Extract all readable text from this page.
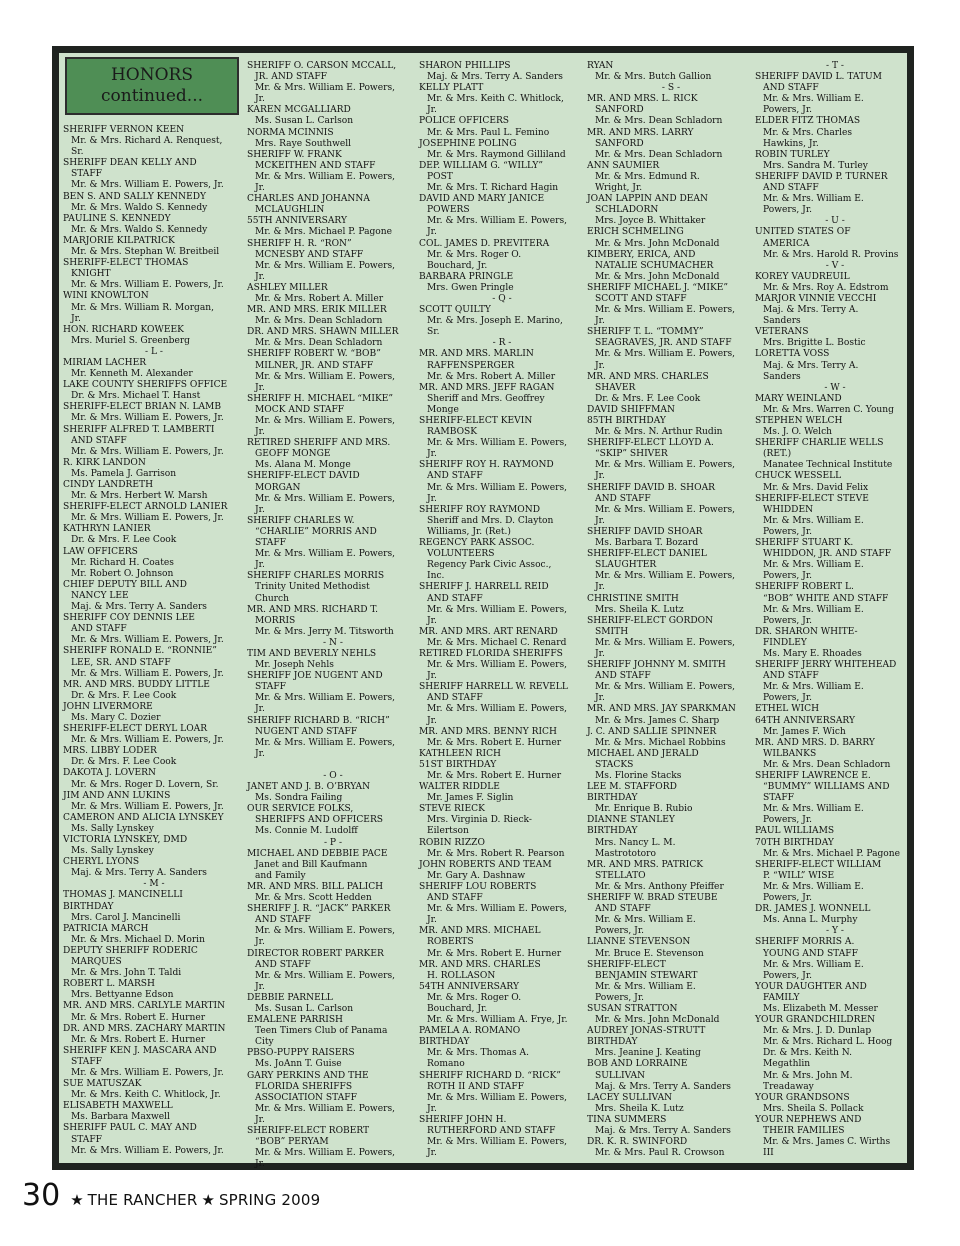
HONORS
continued...
SHERIFF VERNON KEEN
Mr. & Mrs. Richard A. Renquest,
Sr.
SHERIFF DEAN KELLY AND
STAFF
Mr. & Mrs. William E. Powers, Jr.
BEN S. AND SALLY KENNEDY
Mr. & Mrs. Waldo S. Kennedy
PAULINE S. KENNEDY
Mr. & Mrs. Waldo S. Kennedy
MARJORIE KILPATRICK
Mr. & Mrs. Stephan W. Breitbeil
SHERIFF-ELECT THOMAS
KNIGHT
Mr. & Mrs. William E. Powers, Jr.
WINI KNOWLTON
Mr. & Mrs. William R. Morgan,
Jr.
HON. RICHARD KOWEEK
Mrs. Muriel S. Greenberg
- L -
MIRIAM LACHER
Mr. Kenneth M. Alexander
LAKE COUNTY SHERIFFS OFFICE
Dr. & Mrs. Michael T. Hanst
SHERIFF-ELECT BRIAN N. LAMB
Mr. & Mrs. William E. Powers, Jr.
SHERIFF ALFRED T. LAMBERTI
AND STAFF
Mr. & Mrs. William E. Powers, Jr.
R. KIRK LANDON
Ms. Pamela J. Garrison
CINDY LANDRETH
Mr. & Mrs. Herbert W. Marsh
SHERIFF-ELECT ARNOLD LANIER
Mr. & Mrs. William E. Powers, Jr.
KATHRYN LANIER
Dr. & Mrs. F. Lee Cook
LAW OFFICERS
Mr. Richard H. Coates
Mr. Robert O. Johnson
CHIEF DEPUTY BILL AND
NANCY LEE
Maj. & Mrs. Terry A. Sanders
SHERIFF COY DENNIS LEE
AND STAFF
Mr. & Mrs. William E. Powers, Jr.
SHERIFF RONALD E. “RONNIE”
LEE, SR. AND STAFF
Mr. & Mrs. William E. Powers, Jr.
MR. AND MRS. BUDDY LITTLE
Dr. & Mrs. F. Lee Cook
JOHN LIVERMORE
Ms. Mary C. Dozier
SHERIFF-ELECT DERYL LOAR
Mr. & Mrs. William E. Powers, Jr.
MRS. LIBBY LODER
Dr. & Mrs. F. Lee Cook
DAKOTA J. LOVERN
Mr. & Mrs. Roger D. Lovern, Sr.
JIM AND ANN LUKINS
Mr. & Mrs. William E. Powers, Jr.
CAMERON AND ALICIA LYNSKEY
Ms. Sally Lynskey
VICTORIA LYNSKEY, DMD
Ms. Sally Lynskey
CHERYL LYONS
Maj. & Mrs. Terry A. Sanders
- M -
THOMAS J. MANCINELLI
BIRTHDAY
Mrs. Carol J. Mancinelli
PATRICIA MARCH
Mr. & Mrs. Michael D. Morin
DEPUTY SHERIFF RODERIC
MARQUES
Mr. & Mrs. John T. Taldi
ROBERT L. MARSH
Mrs. Bettyanne Edson
MR. AND MRS. CARLYLE MARTIN
Mr. & Mrs. Robert E. Hurner
DR. AND MRS. ZACHARY MARTIN
Mr. & Mrs. Robert E. Hurner
SHERIFF KEN J. MASCARA AND
STAFF
Mr. & Mrs. William E. Powers, Jr.
SUE MATUSZAK
Mr. & Mrs. Keith C. Whitlock, Jr.
ELISABETH MAXWELL
Ms. Barbara Maxwell
SHERIFF PAUL C. MAY AND
STAFF
Mr. & Mrs. William E. Powers, Jr.
SHERIFF O. CARSON MCCALL,
JR. AND STAFF
Mr. & Mrs. William E. Powers,
Jr.
KAREN MCGALLIARD
Ms. Susan L. Carlson
NORMA MCINNIS
Mrs. Raye Southwell
SHERIFF W. FRANK
MCKEITHEN AND STAFF
Mr. & Mrs. William E. Powers,
Jr.
CHARLES AND JOHANNA
MCLAUGHLIN
55TH ANNIVERSARY
Mr. & Mrs. Michael P. Pagone
SHERIFF H. R. “RON”
MCNESBY AND STAFF
Mr. & Mrs. William E. Powers,
Jr.
ASHLEY MILLER
Mr. & Mrs. Robert A. Miller
MR. AND MRS. ERIK MILLER
Mr. & Mrs. Dean Schladorn
DR. AND MRS. SHAWN MILLER
Mr. & Mrs. Dean Schladorn
SHERIFF ROBERT W. “BOB”
MILNER, JR. AND STAFF
Mr. & Mrs. William E. Powers,
Jr.
SHERIFF H. MICHAEL “MIKE”
MOCK AND STAFF
Mr. & Mrs. William E. Powers,
Jr.
RETIRED SHERIFF AND MRS.
GEOFF MONGE
Ms. Alana M. Monge
SHERIFF-ELECT DAVID
MORGAN
Mr. & Mrs. William E. Powers,
Jr.
SHERIFF CHARLES W.
“CHARLIE” MORRIS AND
STAFF
Mr. & Mrs. William E. Powers,
Jr.
SHERIFF CHARLES MORRIS
Trinity United Methodist
Church
MR. AND MRS. RICHARD T.
MORRIS
Mr. & Mrs. Jerry M. Titsworth
- N -
TIM AND BEVERLY NEHLS
Mr. Joseph Nehls
SHERIFF JOE NUGENT AND
STAFF
Mr. & Mrs. William E. Powers,
Jr.
SHERIFF RICHARD B. “RICH”
NUGENT AND STAFF
Mr. & Mrs. William E. Powers,
Jr.

- O -
JANET AND J. B. O’BRYAN
Ms. Sondra Failing
OUR SERVICE FOLKS,
SHERIFFS AND OFFICERS
Ms. Connie M. Ludolff
- P -
MICHAEL AND DEBBIE PACE
Janet and Bill Kaufmann
and Family
MR. AND MRS. BILL PALICH
Mr. & Mrs. Scott Hedden
SHERIFF J. R. “JACK” PARKER
AND STAFF
Mr. & Mrs. William E. Powers,
Jr.
DIRECTOR ROBERT PARKER
AND STAFF
Mr. & Mrs. William E. Powers,
Jr.
DEBBIE PARNELL
Ms. Susan L. Carlson
EMALENE PARRISH
Teen Timers Club of Panama
City
PBSO-PUPPY RAISERS
Ms. JoAnn T. Guise
GARY PERKINS AND THE
FLORIDA SHERIFFS
ASSOCIATION STAFF
Mr. & Mrs. William E. Powers,
Jr.
SHERIFF-ELECT ROBERT
“BOB” PERYAM
Mr. & Mrs. William E. Powers,
Jr.
SHARON PHILLIPS
Maj. & Mrs. Terry A. Sanders
KELLY PLATT
Mr. & Mrs. Keith C. Whitlock,
Jr.
POLICE OFFICERS
Mr. & Mrs. Paul L. Femino
JOSEPHINE POLING
Mr. & Mrs. Raymond Gilliland
DEP. WILLIAM G. “WILLY”
POST
Mr. & Mrs. T. Richard Hagin
DAVID AND MARY JANICE
POWERS
Mr. & Mrs. William E. Powers,
Jr.
COL. JAMES D. PREVITERA
Mr. & Mrs. Roger O.
Bouchard, Jr.
BARBARA PRINGLE
Mrs. Gwen Pringle
- Q -
SCOTT QUILTY
Mr. & Mrs. Joseph E. Marino,
Sr.
- R -
MR. AND MRS. MARLIN
RAFFENSPERGER
Mr. & Mrs. Robert A. Miller
MR. AND MRS. JEFF RAGAN
Sheriff and Mrs. Geoffrey
Monge
SHERIFF-ELECT KEVIN
RAMBOSK
Mr. & Mrs. William E. Powers,
Jr.
SHERIFF ROY H. RAYMOND
AND STAFF
Mr. & Mrs. William E. Powers,
Jr.
SHERIFF ROY RAYMOND
Sheriff and Mrs. D. Clayton
Williams, Jr. (Ret.)
REGENCY PARK ASSOC.
VOLUNTEERS
Regency Park Civic Assoc.,
Inc.
SHERIFF J. HARRELL REID
AND STAFF
Mr. & Mrs. William E. Powers,
Jr.
MR. AND MRS. ART RENARD
Mr. & Mrs. Michael C. Renard
RETIRED FLORIDA SHERIFFS
Mr. & Mrs. William E. Powers,
Jr.
SHERIFF HARRELL W. REVELL
AND STAFF
Mr. & Mrs. William E. Powers,
Jr.
MR. AND MRS. BENNY RICH
Mr. & Mrs. Robert E. Hurner
KATHLEEN RICH
51ST BIRTHDAY
Mr. & Mrs. Robert E. Hurner
WALTER RIDDLE
Mr. James F. Siglin
STEVE RIECK
Mrs. Virginia D. Rieck-
Eilertson
ROBIN RIZZO
Mr. & Mrs. Robert R. Pearson
JOHN ROBERTS AND TEAM
Mr. Gary A. Dashnaw
SHERIFF LOU ROBERTS
AND STAFF
Mr. & Mrs. William E. Powers,
Jr.
MR. AND MRS. MICHAEL
ROBERTS
Mr. & Mrs. Robert E. Hurner
MR. AND MRS. CHARLES
H. ROLLASON
54TH ANNIVERSARY
Mr. & Mrs. Roger O.
Bouchard, Jr.
Mr. & Mrs. William A. Frye, Jr.
PAMELA A. ROMANO
BIRTHDAY
Mr. & Mrs. Thomas A.
Romano
SHERIFF RICHARD D. “RICK”
ROTH II AND STAFF
Mr. & Mrs. William E. Powers,
Jr.
SHERIFF JOHN H.
RUTHERFORD AND STAFF
Mr. & Mrs. William E. Powers,
Jr.
RYAN
Mr. & Mrs. Butch Gallion
- S -
MR. AND MRS. L. RICK
SANFORD
Mr. & Mrs. Dean Schladorn
MR. AND MRS. LARRY
SANFORD
Mr. & Mrs. Dean Schladorn
ANN SAUMIER
Mr. & Mrs. Edmund R.
Wright, Jr.
JOAN LAPPIN AND DEAN
SCHLADORN
Mrs. Joyce B. Whittaker
ERICH SCHMELING
Mr. & Mrs. John McDonald
KIMBERY, ERICA, AND
NATALIE SCHUMACHER
Mr. & Mrs. John McDonald
SHERIFF MICHAEL J. “MIKE”
SCOTT AND STAFF
Mr. & Mrs. William E. Powers,
Jr.
SHERIFF T. L. “TOMMY”
SEAGRAVES, JR. AND STAFF
Mr. & Mrs. William E. Powers,
Jr.
MR. AND MRS. CHARLES
SHAVER
Dr. & Mrs. F. Lee Cook
DAVID SHIFFMAN
85TH BIRTHDAY
Mr. & Mrs. N. Arthur Rudin
SHERIFF-ELECT LLOYD A.
“SKIP” SHIVER
Mr. & Mrs. William E. Powers,
Jr.
SHERIFF DAVID B. SHOAR
AND STAFF
Mr. & Mrs. William E. Powers,
Jr.
SHERIFF DAVID SHOAR
Ms. Barbara T. Bozard
SHERIFF-ELECT DANIEL
SLAUGHTER
Mr. & Mrs. William E. Powers,
Jr.
CHRISTINE SMITH
Mrs. Sheila K. Lutz
SHERIFF-ELECT GORDON
SMITH
Mr. & Mrs. William E. Powers,
Jr.
SHERIFF JOHNNY M. SMITH
AND STAFF
Mr. & Mrs. William E. Powers,
Jr.
MR. AND MRS. JAY SPARKMAN
Mr. & Mrs. James C. Sharp
J. C. AND SALLIE SPINNER
Mr. & Mrs. Michael Robbins
MICHAEL AND JERALD
STACKS
Ms. Florine Stacks
LEE M. STAFFORD
BIRTHDAY
Mr. Enrique B. Rubio
DIANNE STANLEY
BIRTHDAY
Mrs. Nancy L. M.
Mastrototoro
MR. AND MRS. PATRICK
STELLATO
Mr. & Mrs. Anthony Pfeiffer
SHERIFF W. BRAD STEUBE
AND STAFF
Mr. & Mrs. William E.
Powers, Jr.
LIANNE STEVENSON
Mr. Bruce E. Stevenson
SHERIFF-ELECT
BENJAMIN STEWART
Mr. & Mrs. William E.
Powers, Jr.
SUSAN STRATTON
Mr. & Mrs. John McDonald
AUDREY JONAS-STRUTT
BIRTHDAY
Mrs. Jeanine J. Keating
BOB AND LORRAINE
SULLIVAN
Maj. & Mrs. Terry A. Sanders
LACEY SULLIVAN
Mrs. Sheila K. Lutz
TINA SUMMERS
Maj. & Mrs. Terry A. Sanders
DR. K. R. SWINFORD
Mr. & Mrs. Paul R. Crowson
- T -
SHERIFF DAVID L. TATUM
AND STAFF
Mr. & Mrs. William E.
Powers, Jr.
ELDER FITZ THOMAS
Mr. & Mrs. Charles
Hawkins, Jr.
ROBIN TURLEY
Mrs. Sandra M. Turley
SHERIFF DAVID P. TURNER
AND STAFF
Mr. & Mrs. William E.
Powers, Jr.
- U -
UNITED STATES OF
AMERICA
Mr. & Mrs. Harold R. Provins
- V -
KOREY VAUDREUIL
Mr. & Mrs. Roy A. Edstrom
MARJOR VINNIE VECCHI
Maj. & Mrs. Terry A.
Sanders
VETERANS
Mrs. Brigitte L. Bostic
LORETTA VOSS
Maj. & Mrs. Terry A.
Sanders
- W -
MARY WEINLAND
Mr. & Mrs. Warren C. Young
STEPHEN WELCH
Ms. J. O. Welch
SHERIFF CHARLIE WELLS
(RET.)
Manatee Technical Institute
CHUCK WESSELL
Mr. & Mrs. David Felix
SHERIFF-ELECT STEVE
WHIDDEN
Mr. & Mrs. William E.
Powers, Jr.
SHERIFF STUART K.
WHIDDON, JR. AND STAFF
Mr. & Mrs. William E.
Powers, Jr.
SHERIFF ROBERT L.
“BOB” WHITE AND STAFF
Mr. & Mrs. William E.
Powers, Jr.
DR. SHARON WHITE-
FINDLEY
Ms. Mary E. Rhoades
SHERIFF JERRY WHITEHEAD
AND STAFF
Mr. & Mrs. William E.
Powers, Jr.
ETHEL WICH
64TH ANNIVERSARY
Mr. James F. Wich
MR. AND MRS. D. BARRY
WILBANKS
Mr. & Mrs. Dean Schladorn
SHERIFF LAWRENCE E.
“BUMMY” WILLIAMS AND
STAFF
Mr. & Mrs. William E.
Powers, Jr.
PAUL WILLIAMS
70TH BIRTHDAY
Mr. & Mrs. Michael P. Pagone
SHERIFF-ELECT WILLIAM
P. “WILL” WISE
Mr. & Mrs. William E.
Powers, Jr.
DR. JAMES J. WONNELL
Ms. Anna L. Murphy
- Y -
SHERIFF MORRIS A.
YOUNG AND STAFF
Mr. & Mrs. William E.
Powers, Jr.
YOUR DAUGHTER AND
FAMILY
Ms. Elizabeth M. Messer
YOUR GRANDCHILDREN
Mr. & Mrs. J. D. Dunlap
Mr. & Mrs. Richard L. Hoog
Dr. & Mrs. Keith N.
Megathlin
Mr. & Mrs. John M.
Treadaway
YOUR GRANDSONS
Mrs. Sheila S. Pollack
YOUR NEPHEWS AND
THEIR FAMILIES
Mr. & Mrs. James C. Wirths
III
30 ★ THE RANCHER ★ SPRING 2009
